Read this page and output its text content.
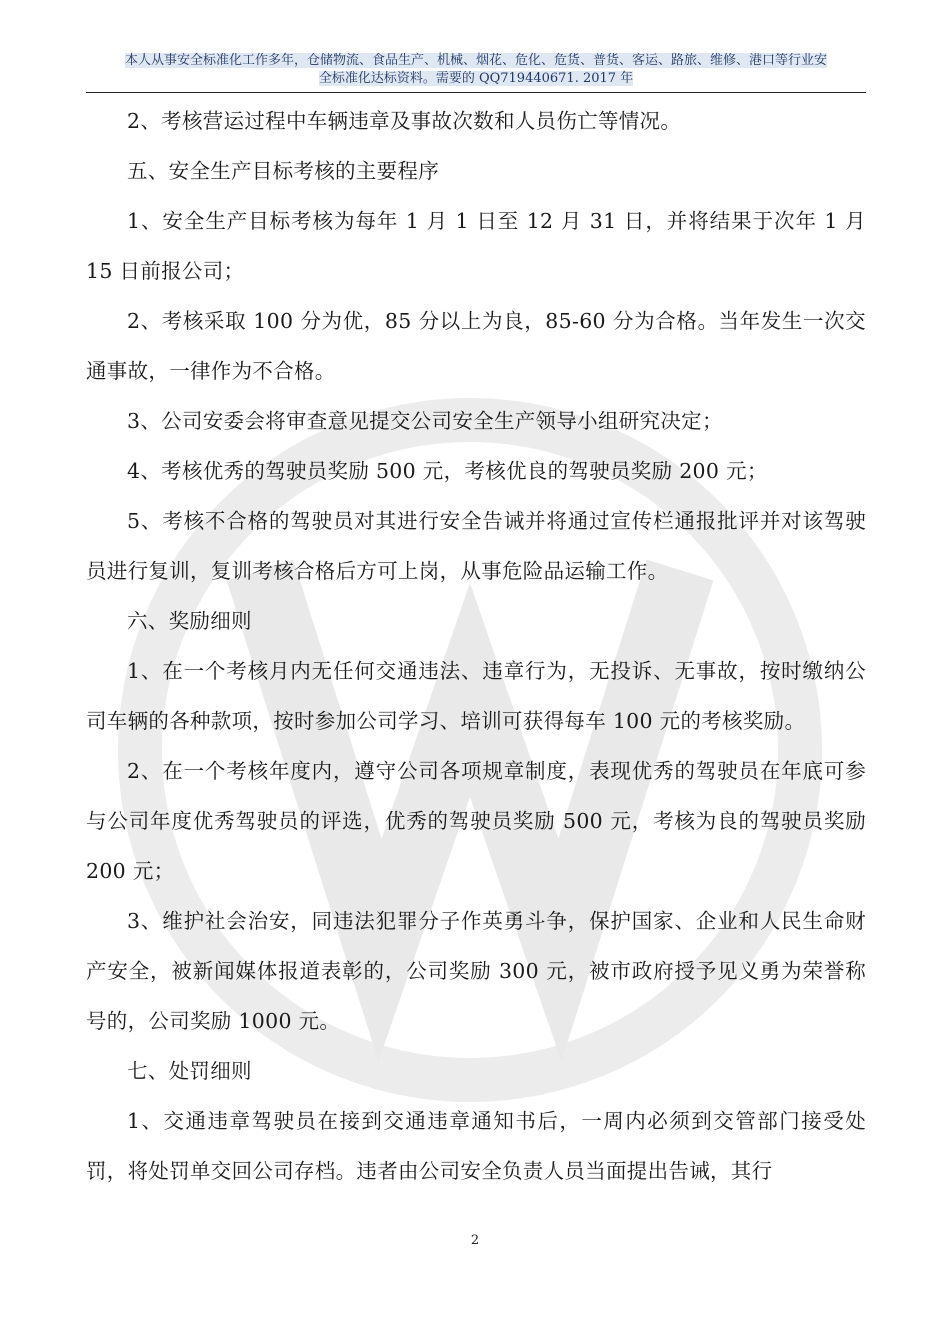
本人从事安全标准化工作多年，仓储物流、食品生产、机械、烟花、危化、危货、普货、客运、路旅、维修、港口等行业安
全标准化达标资料。需要的 QQ719440671. 2017 年

2、考核营运过程中车辆违章及事故次数和人员伤亡等情况。

五、安全生产目标考核的主要程序

1、安全生产目标考核为每年 1 月 1 日至 12 月 31 日，并将结果于次年 1 月 15 日前报公司；

2、考核采取 100 分为优，85 分以上为良，85-60 分为合格。当年发生一次交通事故，一律作为不合格。

3、公司安委会将审查意见提交公司安全生产领导小组研究决定；

4、考核优秀的驾驶员奖励 500 元，考核优良的驾驶员奖励 200 元；

5、考核不合格的驾驶员对其进行安全告诫并将通过宣传栏通报批评并对该驾驶员进行复训，复训考核合格后方可上岗，从事危险品运输工作。

六、奖励细则

1、在一个考核月内无任何交通违法、违章行为，无投诉、无事故，按时缴纳公司车辆的各种款项，按时参加公司学习、培训可获得每车 100 元的考核奖励。

2、在一个考核年度内，遵守公司各项规章制度，表现优秀的驾驶员在年底可参与公司年度优秀驾驶员的评选，优秀的驾驶员奖励 500 元，考核为良的驾驶员奖励 200 元；

3、维护社会治安，同违法犯罪分子作英勇斗争，保护国家、企业和人民生命财产安全，被新闻媒体报道表彰的，公司奖励 300 元，被市政府授予见义勇为荣誉称号的，公司奖励 1000 元。

七、处罚细则

1、交通违章驾驶员在接到交通违章通知书后，一周内必须到交管部门接受处罚，将处罚单交回公司存档。违者由公司安全负责人员当面提出告诫，其行

2
